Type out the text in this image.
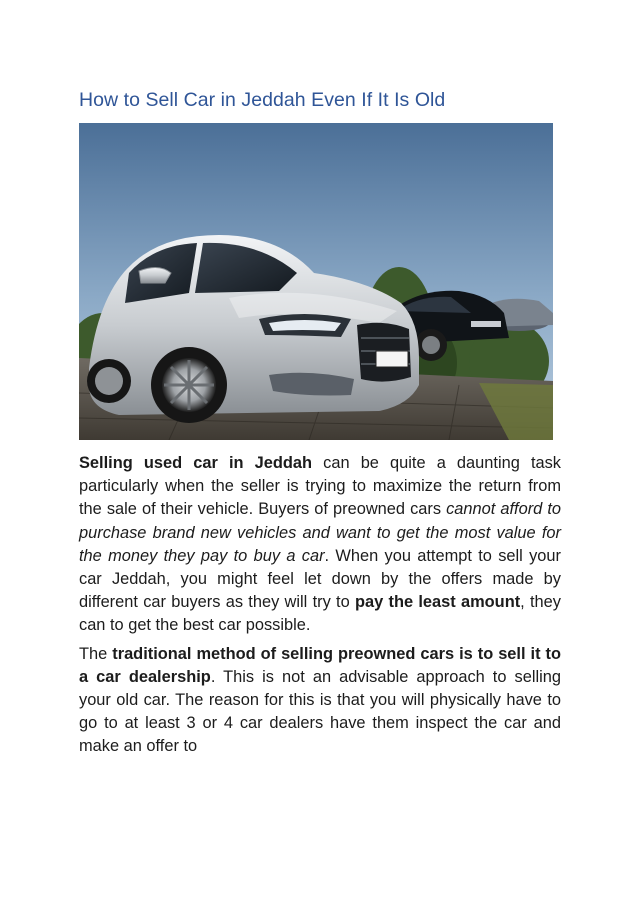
How to Sell Car in Jeddah Even If It Is Old

Selling used car in Jeddah can be quite a daunting task particularly when the seller is trying to maximize the return from the sale of their vehicle. Buyers of preowned cars cannot afford to purchase brand new vehicles and want to get the most value for the money they pay to buy a car. When you attempt to sell your car Jeddah, you might feel let down by the offers made by different car buyers as they will try to pay the least amount, they can to get the best car possible.

The traditional method of selling preowned cars is to sell it to a car dealership. This is not an advisable approach to selling your old car. The reason for this is that you will physically have to go to at least 3 or 4 car dealers have them inspect the car and make an offer to
